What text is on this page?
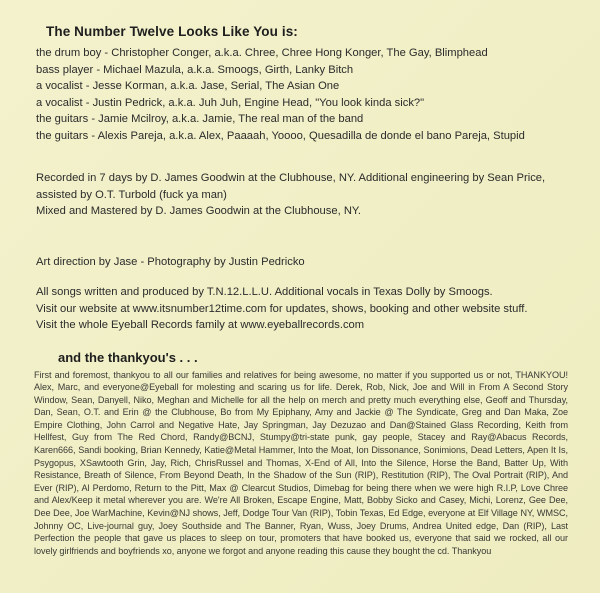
The Number Twelve Looks Like You is:
the drum boy - Christopher Conger, a.k.a. Chree, Chree Hong Konger, The Gay, Blimphead
bass player - Michael Mazula, a.k.a. Smoogs, Girth, Lanky Bitch
a vocalist - Jesse Korman, a.k.a. Jase, Serial, The Asian One
a vocalist - Justin Pedrick, a.k.a. Juh Juh, Engine Head, "You look kinda sick?"
the guitars - Jamie Mcilroy, a.k.a. Jamie, The real man of the band
the guitars - Alexis Pareja, a.k.a. Alex, Paaaah, Yoooo, Quesadilla de donde el bano Pareja, Stupid

Recorded in 7 days by D. James Goodwin at the Clubhouse, NY. Additional engineering by Sean Price,

assisted by O.T. Turbold (fuck ya man)

Mixed and Mastered by D. James Goodwin at the Clubhouse, NY.

Art direction by Jase - Photography by Justin Pedricko

All songs written and produced by T.N.12.L.L.U. Additional vocals in Texas Dolly by Smoogs.

Visit our website at www.itsnumber12time.com for updates, shows, booking and other website stuff.

Visit the whole Eyeball Records family at www.eyeballrecords.com

and the thankyou's . . .
First and foremost, thankyou to all our families and relatives for being awesome, no matter if you supported us or not, THANKYOU! Alex, Marc, and everyone@Eyeball for molesting and scaring us for life. Derek, Rob, Nick, Joe and Will in From A Second Story Window, Sean, Danyell, Niko, Meghan and Michelle for all the help on merch and pretty much everything else, Geoff and Thursday, Dan, Sean, O.T. and Erin @ the Clubhouse, Bo from My Epiphany, Amy and Jackie @ The Syndicate, Greg and Dan Maka, Zoe Empire Clothing, John Carrol and Negative Hate, Jay Springman, Jay Dezuzao and Dan@Stained Glass Recording, Keith from Hellfest, Guy from The Red Chord, Randy@BCNJ, Stumpy@tri-state punk, gay people, Stacey and Ray@Abacus Records, Karen666, Sandi booking, Brian Kennedy, Katie@Metal Hammer, Into the Moat, Ion Dissonance, Sonimions, Dead Letters, Apen It Is, Psygopus, XSawtooth Grin, Jay, Rich, ChrisRussel and Thomas, X-End of All, Into the Silence, Horse the Band, Batter Up, With Resistance, Breath of Silence, From Beyond Death, In the Shadow of the Sun (RIP), Restitution (RIP), The Oval Portrait (RIP), And Ever (RIP), Al Perdomo, Return to the Pitt, Max @ Clearcut Studios, Dimebag for being there when we were high R.I.P, Love Chree and Alex/Keep it metal wherever you are. We're All Broken, Escape Engine, Matt, Bobby Sicko and Casey, Michi, Lorenz, Gee Dee, Dee Dee, Joe WarMachine, Kevin@NJ shows, Jeff, Dodge Tour Van (RIP), Tobin Texas, Ed Edge, everyone at Elf Village NY, WMSC, Johnny OC, Live-journal guy, Joey Southside and The Banner, Ryan, Wuss, Joey Drums, Andrea United edge, Dan (RIP), Last Perfection the people that gave us places to sleep on tour, promoters that have booked us, everyone that said we rocked, all our lovely girlfriends and boyfriends xo, anyone we forgot and anyone reading this cause they bought the cd. Thankyou
